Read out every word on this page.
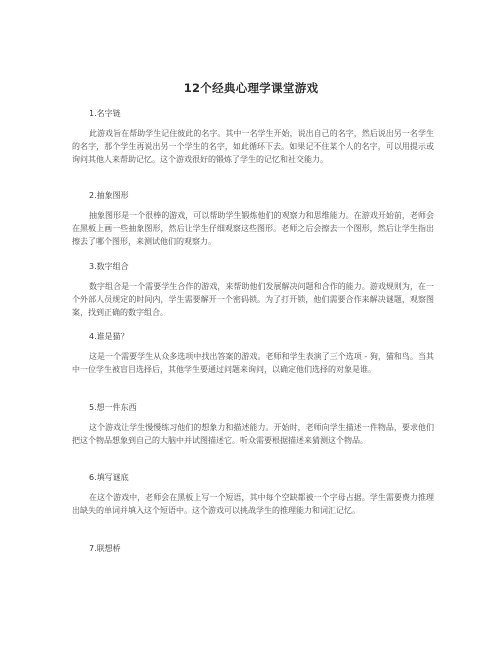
12个经典心理学课堂游戏
1.名字链

此游戏旨在帮助学生记住彼此的名字。其中一名学生开始，说出自己的名字，然后说出另一名学生的名字，那个学生再说出另一个学生的名字，如此循环下去。如果记不住某个人的名字，可以用提示或询问其他人来帮助记忆。这个游戏很好的锻炼了学生的记忆和社交能力。

2.抽象图形

抽象图形是一个很棒的游戏，可以帮助学生锻炼他们的观察力和思维能力。在游戏开始前，老师会在黑板上画一些抽象图形，然后让学生仔细观察这些图形。老师之后会擦去一个图形，然后让学生指出擦去了哪个图形，来测试他们的观察力。

3.数字组合

数字组合是一个需要学生合作的游戏，来帮助他们发展解决问题和合作的能力。游戏规则为，在一个外部人员规定的时间内，学生需要解开一个密码锁。为了打开锁，他们需要合作来解决谜题，观察图案，找到正确的数字组合。

4.谁是猫？

这是一个需要学生从众多选项中找出答案的游戏。老师和学生表演了三个选项 - 狗，猫和鸟。当其中一位学生被盲目选择后，其他学生要通过问题来询问，以确定他们选择的对象是谁。

5.想一件东西

这个游戏让学生慢慢练习他们的想象力和描述能力。开始时，老师向学生描述一件物品，要求他们把这个物品想象到自己的大脑中并试图描述它。听众需要根据描述来猜测这个物品。

6.填写谜底

在这个游戏中，老师会在黑板上写一个短语，其中每个空缺都被一个字母占据。学生需要费力推理出缺失的单词并填入这个短语中。这个游戏可以挑战学生的推理能力和词汇记忆。

7.联想桥
